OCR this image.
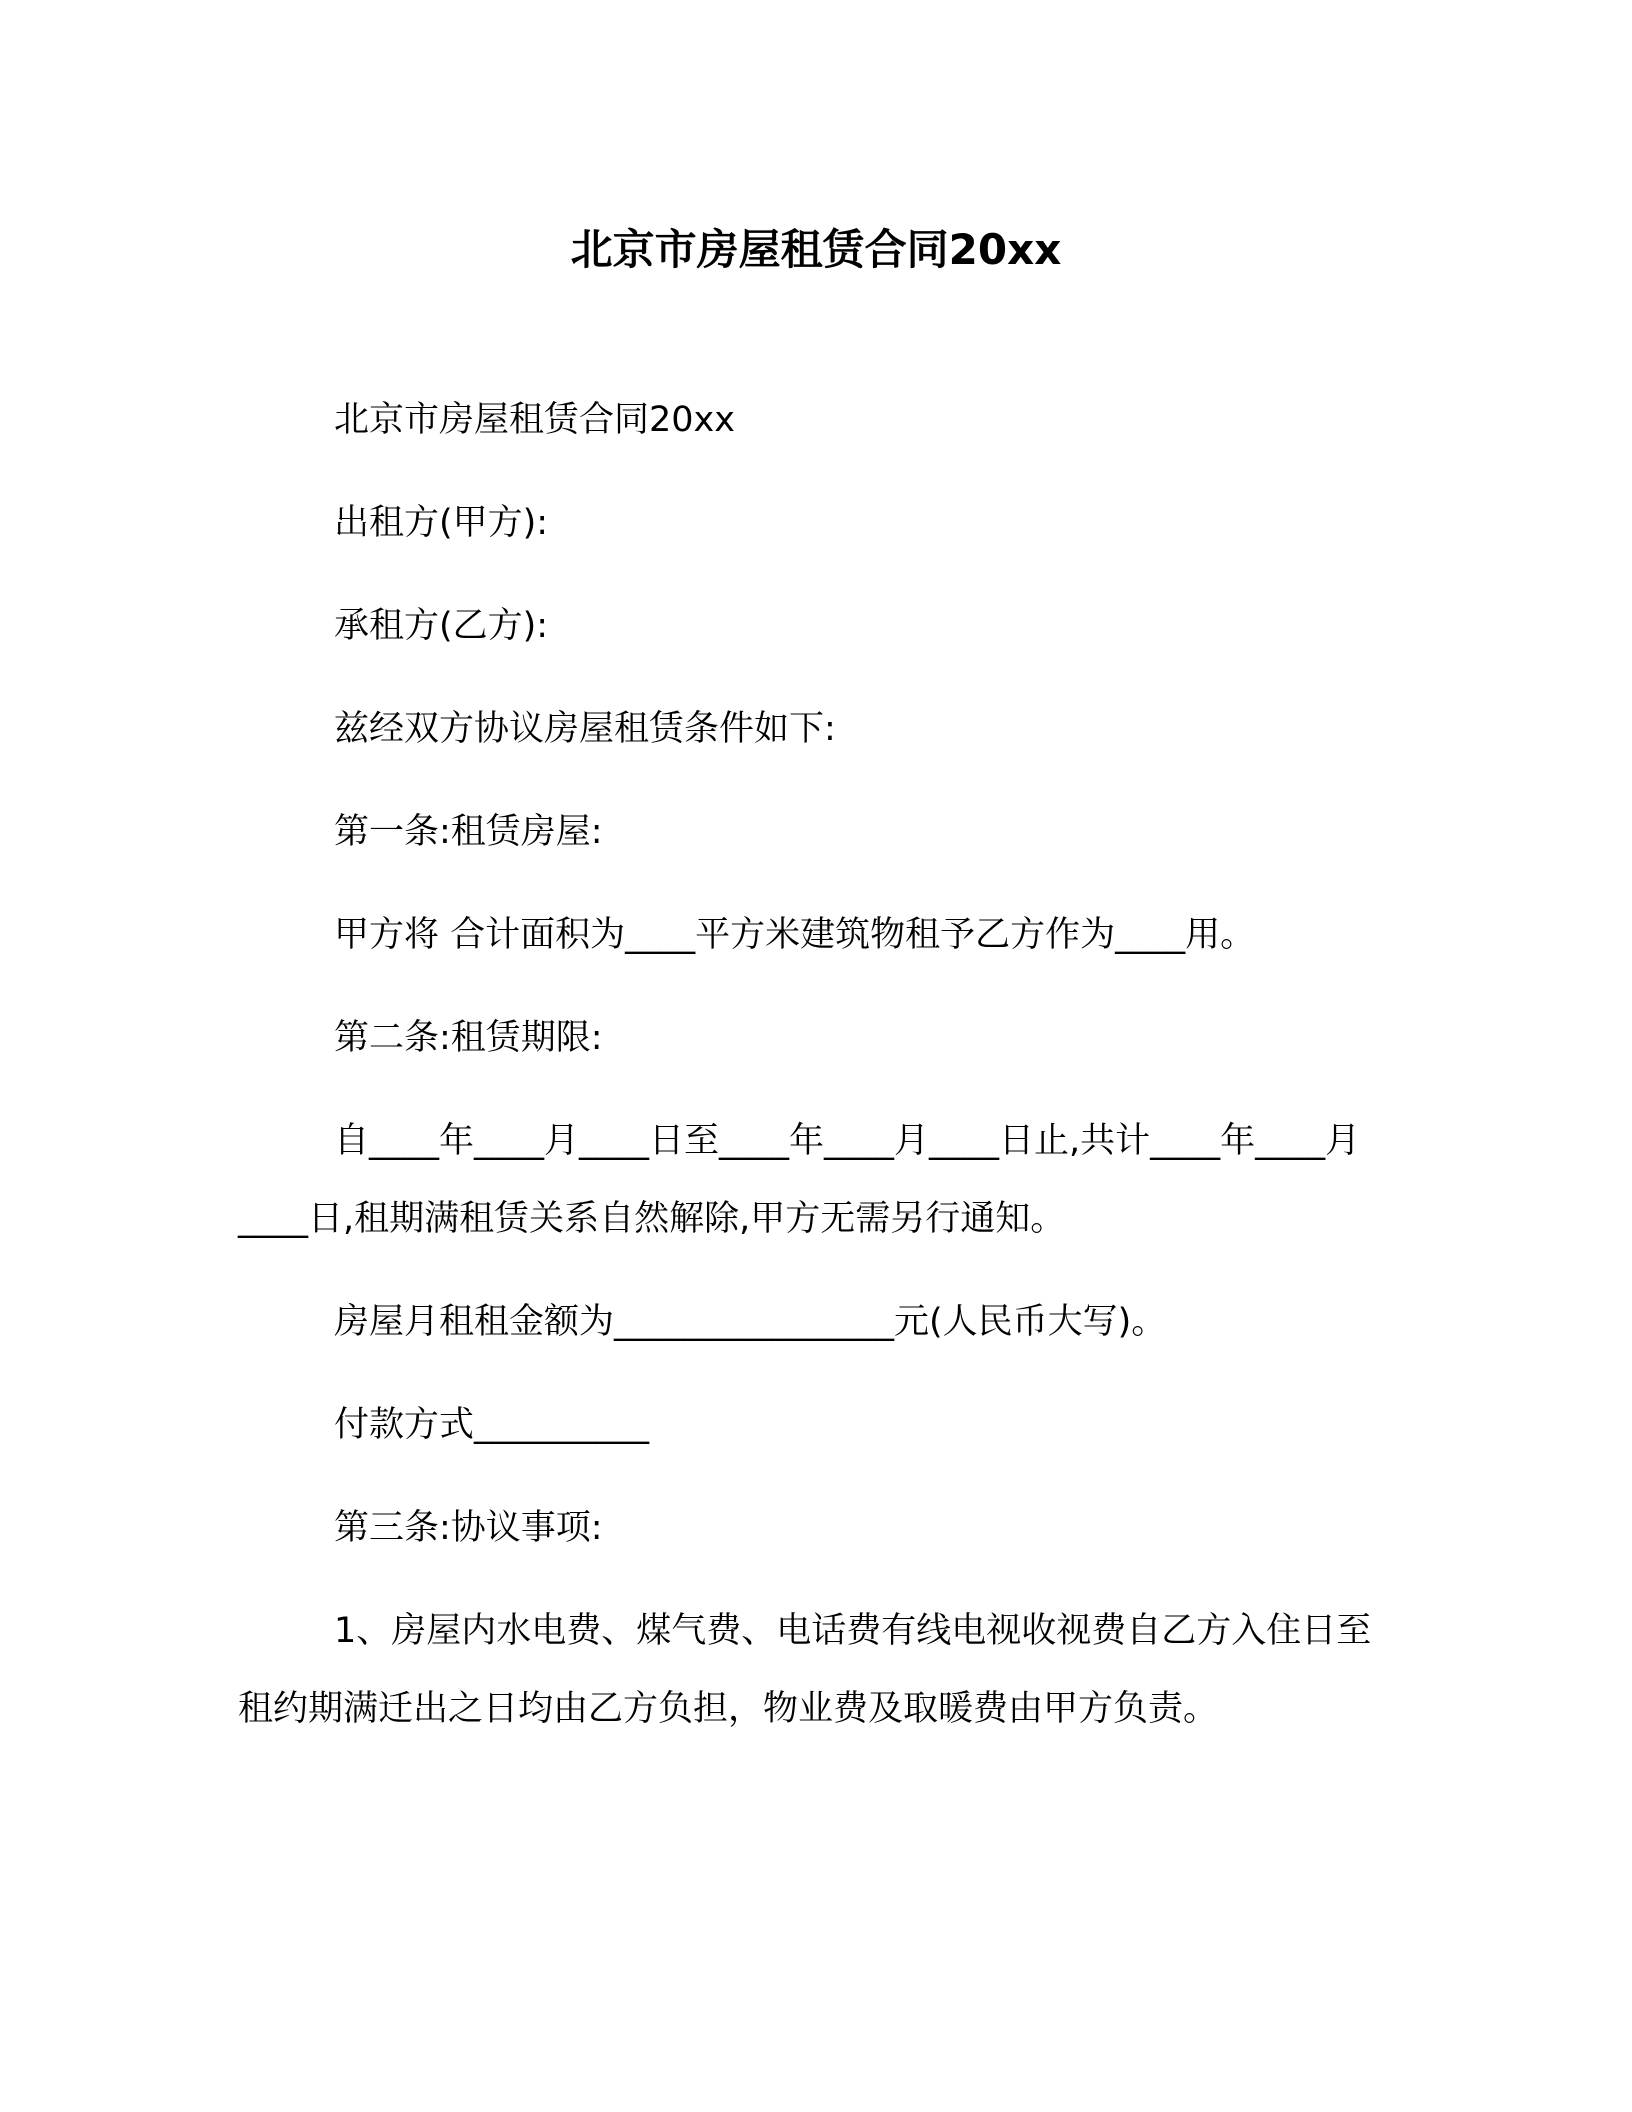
北京市房屋租赁合同20xx
北京市房屋租赁合同20xx
出租方(甲方):
承租方(乙方):
兹经双方协议房屋租赁条件如下:
第一条:租赁房屋:
甲方将 合计面积为____平方米建筑物租予乙方作为____用。
第二条:租赁期限:
自____年____月____日至____年____月____日止,共计____年____月____日,租期满租赁关系自然解除,甲方无需另行通知。
房屋月租租金额为________________元(人民币大写)。
付款方式__________
第三条:协议事项:
1、房屋内水电费、煤气费、电话费有线电视收视费自乙方入住日至租约期满迁出之日均由乙方负担，物业费及取暖费由甲方负责。
